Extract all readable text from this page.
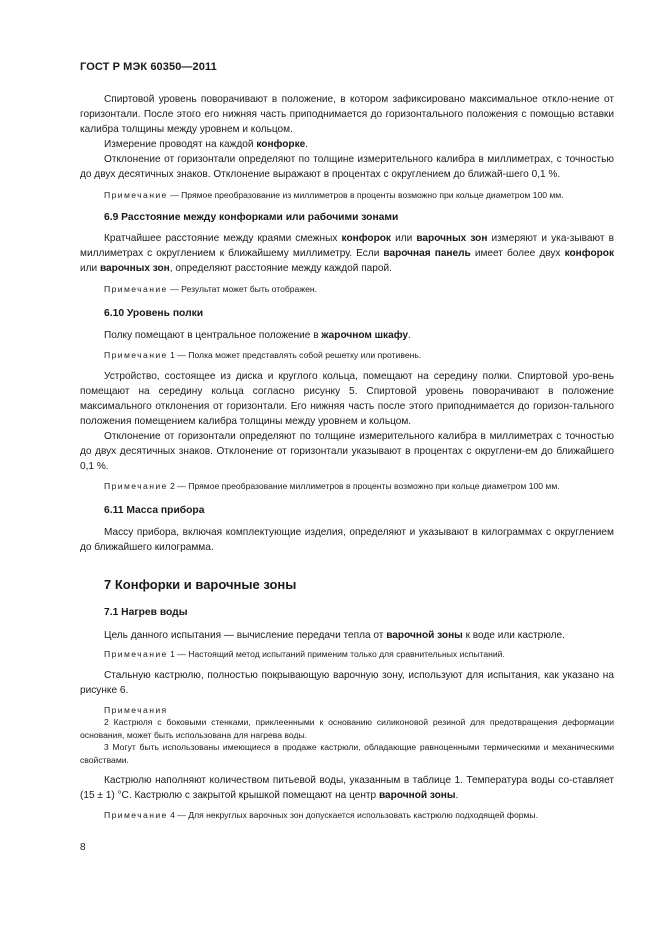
ГОСТ Р МЭК 60350—2011

Спиртовой уровень поворачивают в положение, в котором зафиксировано максимальное откло-нение от горизонтали. После этого его нижняя часть приподнимается до горизонтального положения с помощью вставки калибра толщины между уровнем и кольцом.

Измерение проводят на каждой конфорке.

Отклонение от горизонтали определяют по толщине измерительного калибра в миллиметрах, с точностью до двух десятичных знаков. Отклонение выражают в процентах с округлением до ближай-шего 0,1 %.

Примечание — Прямое преобразование из миллиметров в проценты возможно при кольце диаметром 100 мм.

6.9 Расстояние между конфорками или рабочими зонами

Кратчайшее расстояние между краями смежных конфорок или варочных зон измеряют и ука-зывают в миллиметрах с округлением к ближайшему миллиметру. Если варочная панель имеет более двух конфорок или варочных зон, определяют расстояние между каждой парой.

Примечание — Результат может быть отображен.

6.10 Уровень полки

Полку помещают в центральное положение в жарочном шкафу.

Примечание 1 — Полка может представлять собой решетку или противень.

Устройство, состоящее из диска и круглого кольца, помещают на середину полки. Спиртовой уро-вень помещают на середину кольца согласно рисунку 5. Спиртовой уровень поворачивают в положение максимального отклонения от горизонтали. Его нижняя часть после этого приподнимается до горизон-тального положения помещением калибра толщины между уровнем и кольцом.

Отклонение от горизонтали определяют по толщине измерительного калибра в миллиметрах с точностью до двух десятичных знаков. Отклонение от горизонтали указывают в процентах с округлени-ем до ближайшего 0,1 %.

Примечание 2 — Прямое преобразование миллиметров в проценты возможно при кольце диаметром 100 мм.

6.11 Масса прибора

Массу прибора, включая комплектующие изделия, определяют и указывают в килограммах с округлением до ближайшего килограмма.

7 Конфорки и варочные зоны

7.1 Нагрев воды

Цель данного испытания — вычисление передачи тепла от варочной зоны к воде или кастрюле.

Примечание 1 — Настоящий метод испытаний применим только для сравнительных испытаний.

Стальную кастрюлю, полностью покрывающую варочную зону, используют для испытания, как указано на рисунке 6.

Примечания

2 Кастрюля с боковыми стенками, приклеенными к основанию силиконовой резиной для предотвращения деформации основания, может быть использована для нагрева воды.

3 Могут быть использованы имеющиеся в продаже кастрюли, обладающие равноценными термическими и механическими свойствами.

Кастрюлю наполняют количеством питьевой воды, указанным в таблице 1. Температура воды со-ставляет (15 ± 1) °С. Кастрюлю с закрытой крышкой помещают на центр варочной зоны.

Примечание 4 — Для некруглых варочных зон допускается использовать кастрюлю подходящей формы.

8
